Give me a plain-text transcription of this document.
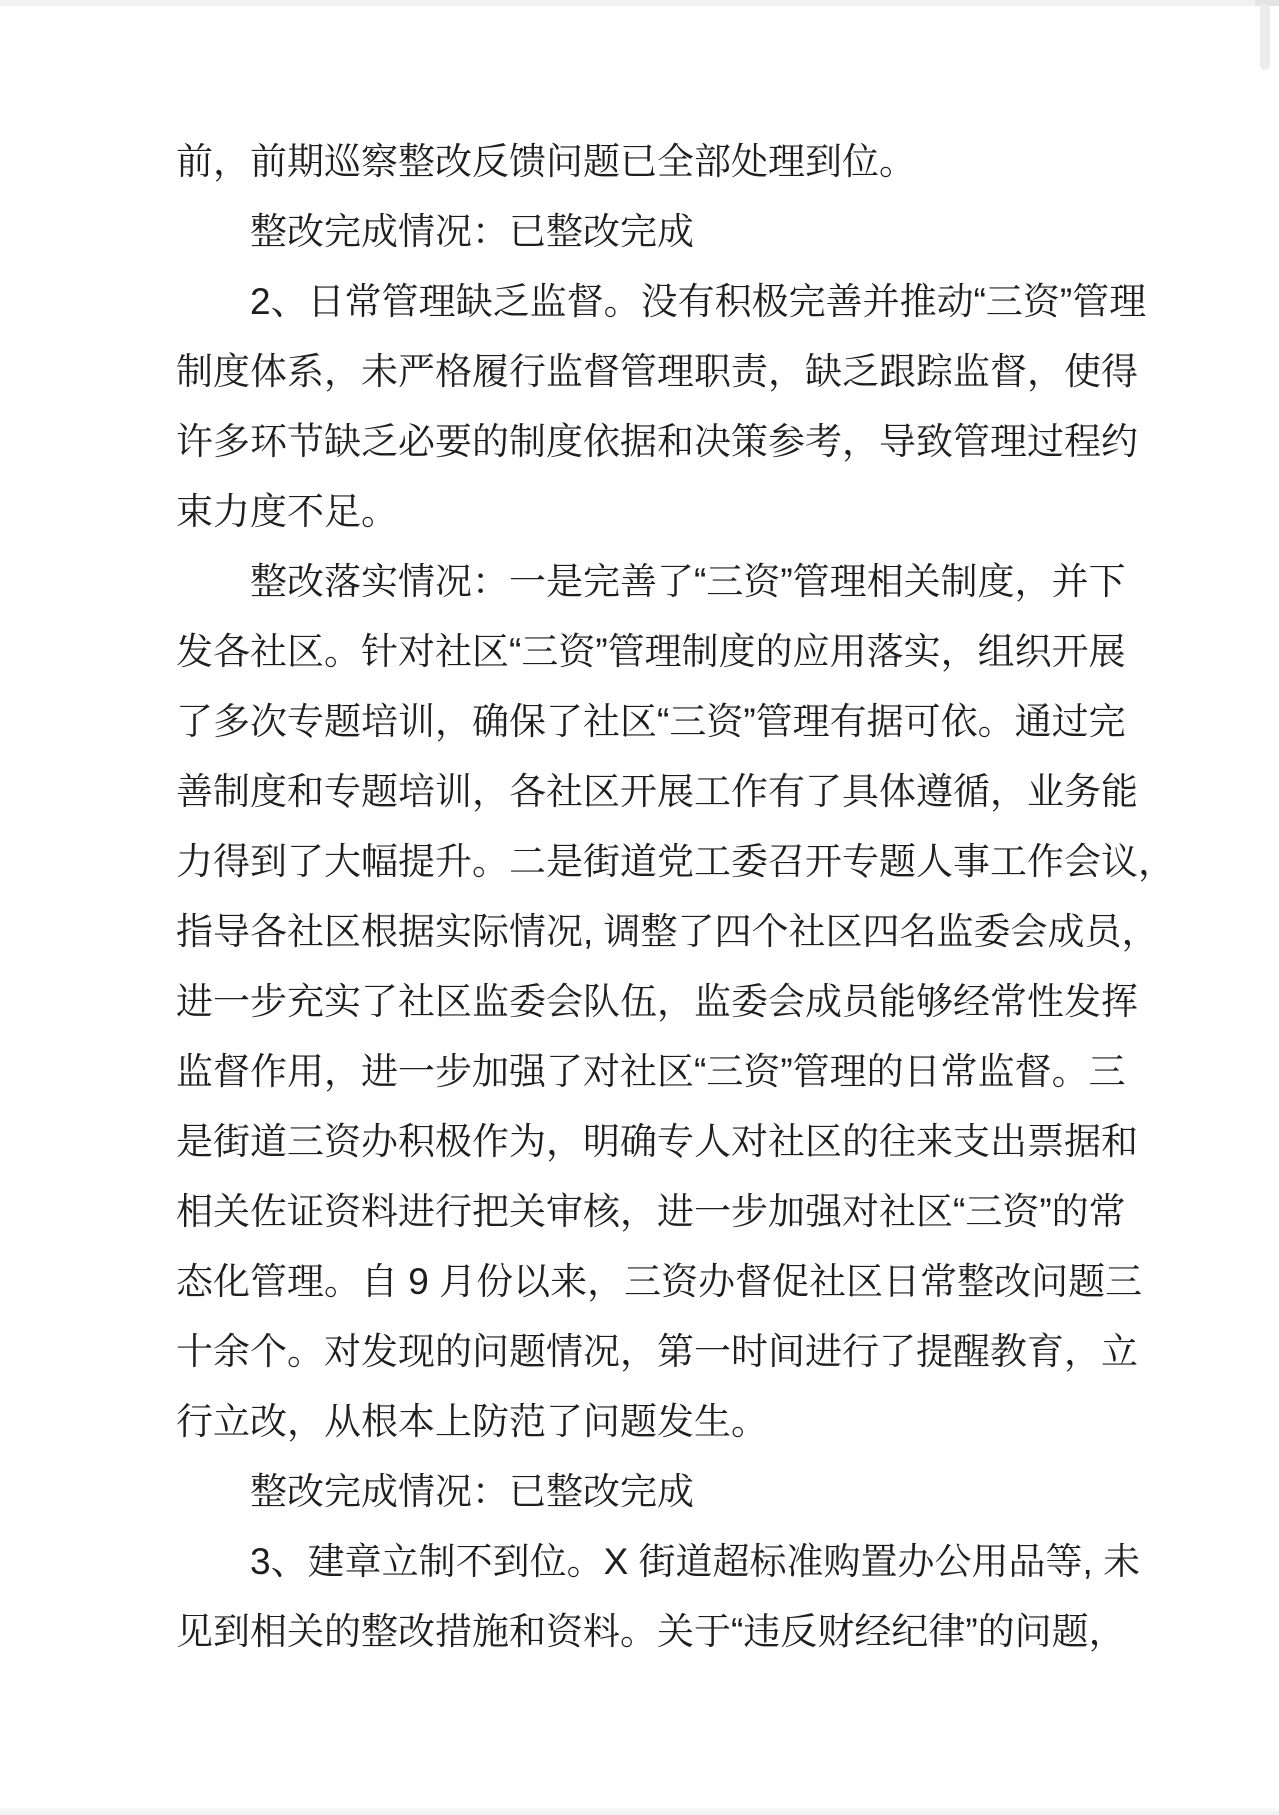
前，前期巡察整改反馈问题已全部处理到位。
整改完成情况：已整改完成
2、日常管理缺乏监督。没有积极完善并推动“三资”管理
制度体系，未严格履行监督管理职责，缺乏跟踪监督，使得
许多环节缺乏必要的制度依据和决策参考，导致管理过程约
束力度不足。
整改落实情况：一是完善了“三资”管理相关制度，并下
发各社区。针对社区“三资”管理制度的应用落实，组织开展
了多次专题培训，确保了社区“三资”管理有据可依。通过完
善制度和专题培训，各社区开展工作有了具体遵循，业务能
力得到了大幅提升。二是街道党工委召开专题人事工作会议，
指导各社区根据实际情况, 调整了四个社区四名监委会成员，
进一步充实了社区监委会队伍，监委会成员能够经常性发挥
监督作用，进一步加强了对社区“三资”管理的日常监督。三
是街道三资办积极作为，明确专人对社区的往来支出票据和
相关佐证资料进行把关审核，进一步加强对社区“三资”的常
态化管理。自 9 月份以来，三资办督促社区日常整改问题三
十余个。对发现的问题情况，第一时间进行了提醒教育，立
行立改，从根本上防范了问题发生。
整改完成情况：已整改完成
3、建章立制不到位。X 街道超标准购置办公用品等, 未
见到相关的整改措施和资料。关于“违反财经纪律”的问题，
